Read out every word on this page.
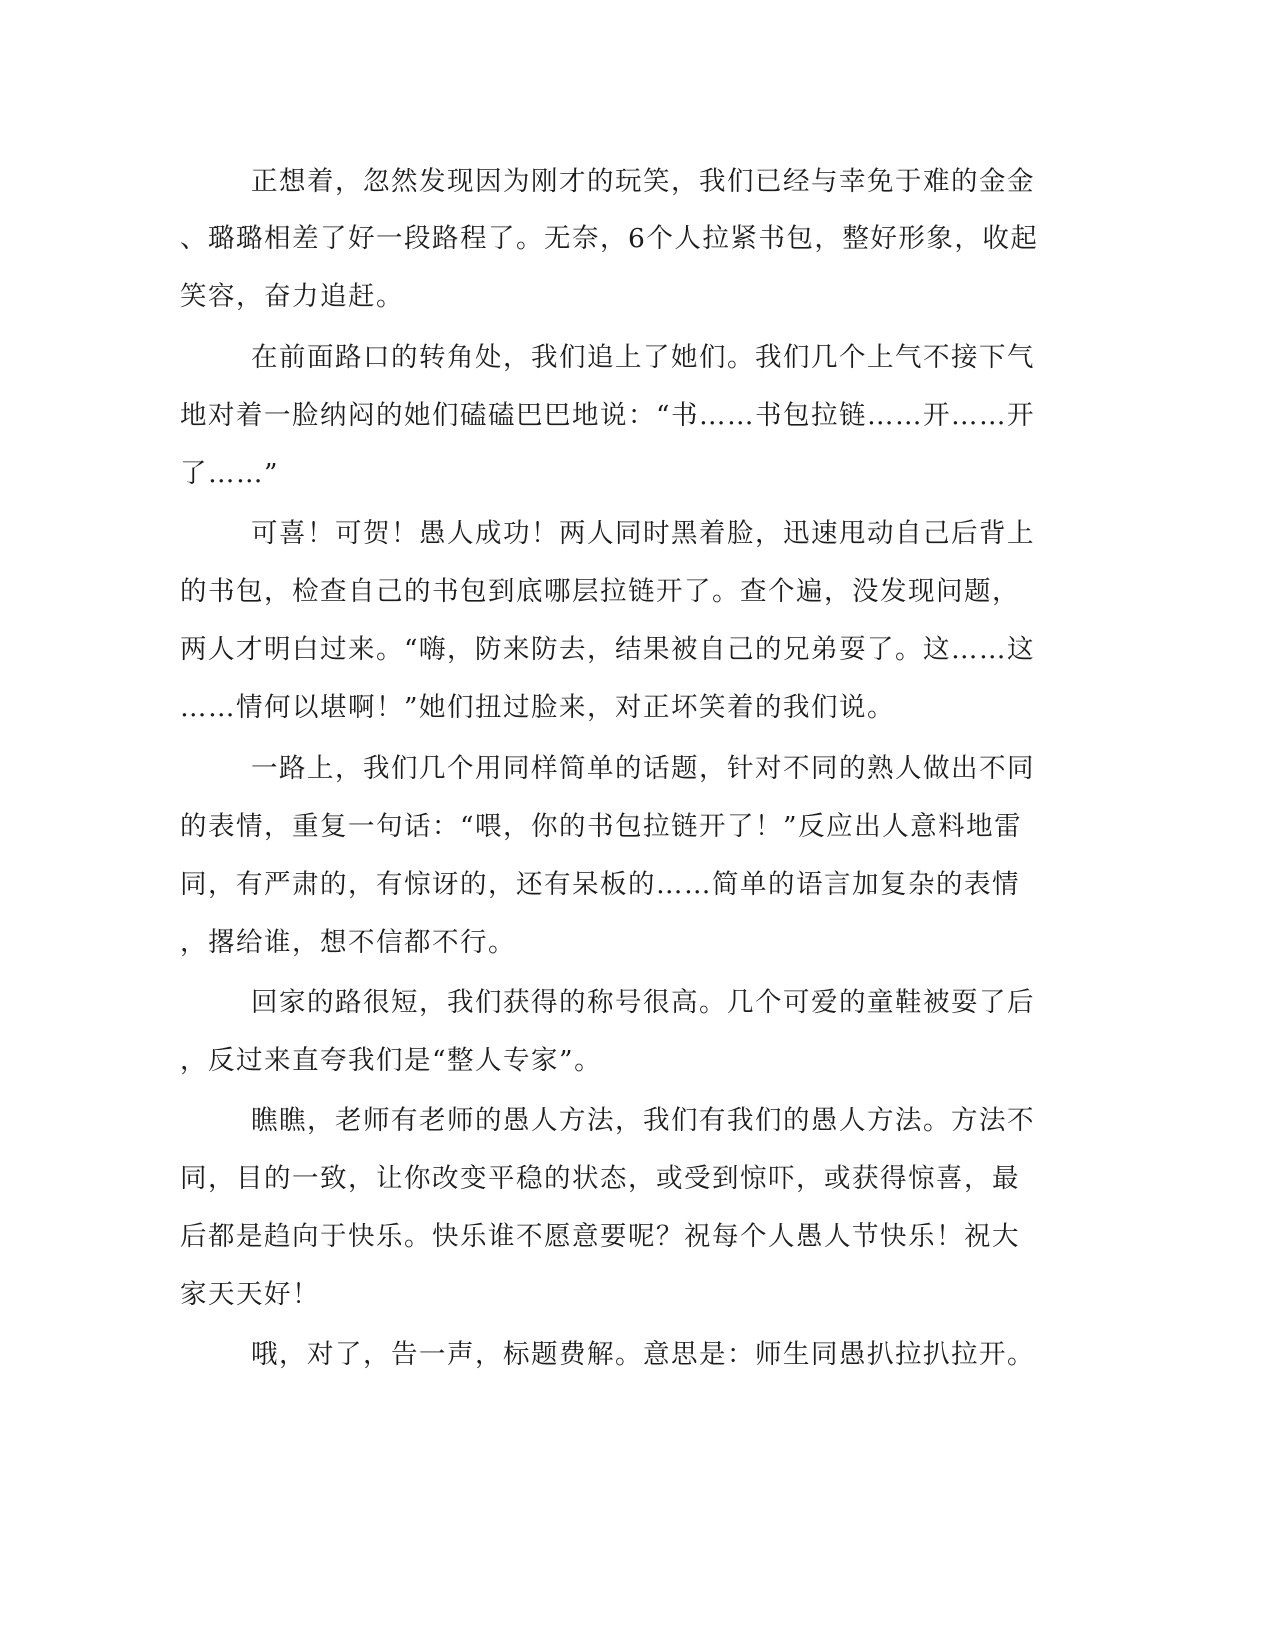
正想着，忽然发现因为刚才的玩笑，我们已经与幸免于难的金金

、璐璐相差了好一段路程了。无奈，6个人拉紧书包，整好形象，收起

笑容，奋力追赶。

在前面路口的转角处，我们追上了她们。我们几个上气不接下气

地对着一脸纳闷的她们磕磕巴巴地说：“书……书包拉链……开……开

了……”

可喜！可贺！愚人成功！两人同时黑着脸，迅速甩动自己后背上

的书包，检查自己的书包到底哪层拉链开了。查个遍，没发现问题，

两人才明白过来。“嗨，防来防去，结果被自己的兄弟耍了。这……这

……情何以堪啊！”她们扭过脸来，对正坏笑着的我们说。

一路上，我们几个用同样简单的话题，针对不同的熟人做出不同

的表情，重复一句话：“喂，你的书包拉链开了！”反应出人意料地雷

同，有严肃的，有惊讶的，还有呆板的……简单的语言加复杂的表情

，撂给谁，想不信都不行。

回家的路很短，我们获得的称号很高。几个可爱的童鞋被耍了后

，反过来直夸我们是“整人专家”。

瞧瞧，老师有老师的愚人方法，我们有我们的愚人方法。方法不

同，目的一致，让你改变平稳的状态，或受到惊吓，或获得惊喜，最

后都是趋向于快乐。快乐谁不愿意要呢？祝每个人愚人节快乐！祝大

家天天好！

哦，对了，告一声，标题费解。意思是：师生同愚扒拉扒拉开。
